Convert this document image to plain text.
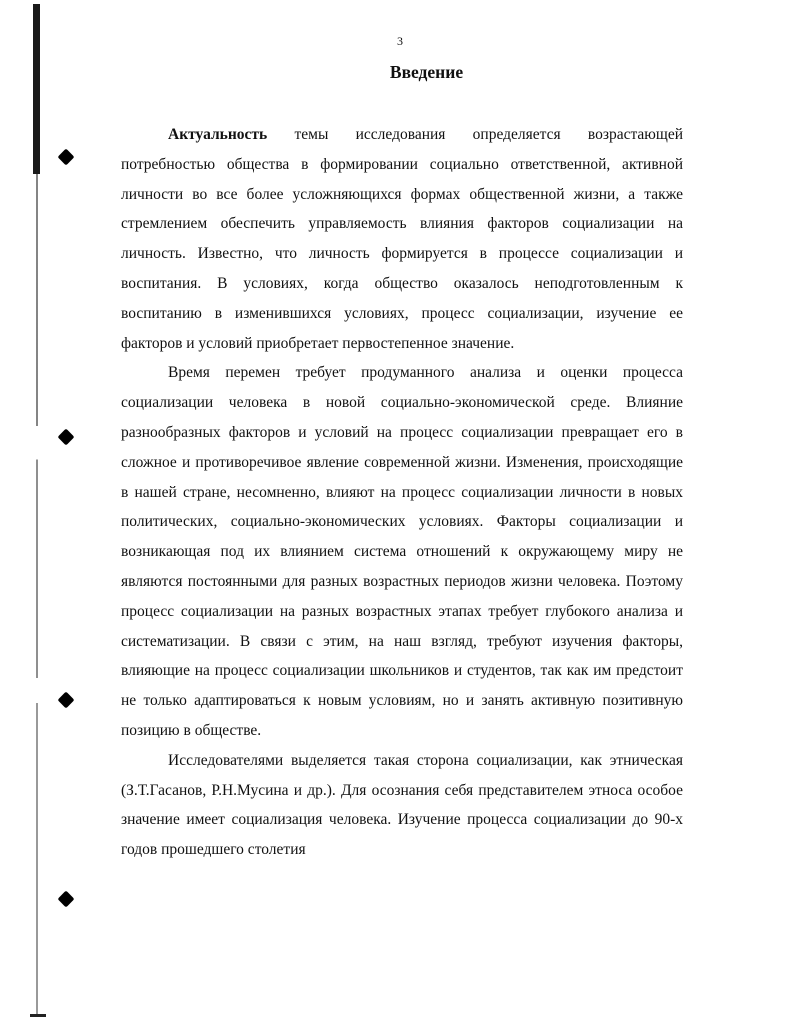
3
Введение

Актуальность темы исследования определяется возрастающей потребностью общества в формировании социально ответственной, активной личности во все более усложняющихся формах общественной жизни, а также стремлением обеспечить управляемость влияния факторов социализации на личность. Известно, что личность формируется в процессе социализации и воспитания. В условиях, когда общество оказалось неподготовленным к воспитанию в изменившихся условиях, процесс социализации, изучение ее факторов и условий приобретает первостепенное значение.

Время перемен требует продуманного анализа и оценки процесса социализации человека в новой социально-экономической среде. Влияние разнообразных факторов и условий на процесс социализации превращает его в сложное и противоречивое явление современной жизни. Изменения, происходящие в нашей стране, несомненно, влияют на процесс социализации личности в новых политических, социально-экономических условиях. Факторы социализации и возникающая под их влиянием система отношений к окружающему миру не являются постоянными для разных возрастных периодов жизни человека. Поэтому процесс социализации на разных возрастных этапах требует глубокого анализа и систематизации. В связи с этим, на наш взгляд, требуют изучения факторы, влияющие на процесс социализации школьников и студентов, так как им предстоит не только адаптироваться к новым условиям, но и занять активную позитивную позицию в обществе.

Исследователями выделяется такая сторона социализации, как этническая (З.Т.Гасанов, Р.Н.Мусина и др.). Для осознания себя представителем этноса особое значение имеет социализация человека. Изучение процесса социализации до 90-х годов прошедшего столетия
